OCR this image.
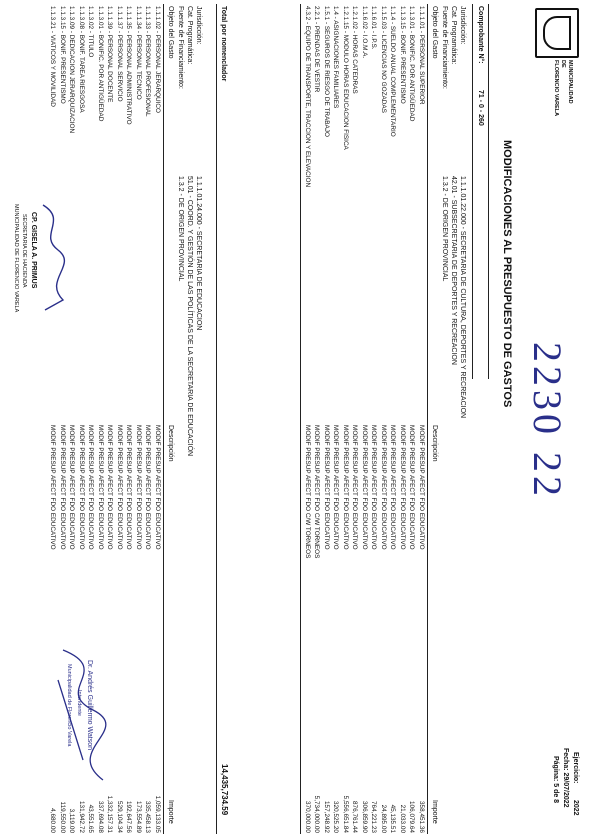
MUNICIPALIDAD
DE
FLORENCIO VARELA
Ejercicio:
2022
Fecha: 29/07/2022
Página: 5 de 8
MODIFICACIONES AL PRESUPUESTO DE GASTOS
2230 22
Comprobante N°:
71 - 0 - 260
Jurisdicción:
1.1.1.01.22.000 - SECRETARIA DE CULTURA, DEPORTES Y RECREACION
Cat. Programática:
42.01 - SUBSECRETARIA DE DEPORTES Y RECREACION
Fuente de Financiamiento:
1.3.2 - DE ORIGEN PROVINCIAL
Objeto del Gasto
Descripción
Importe
1.1.1.01 - PERSONAL SUPERIOR
MODIF PRESUP AFECT FDO EDUCATIVO
358,451.36
1.1.3.01 - BONIFIC. POR ANTIGÜEDAD
MODIF PRESUP AFECT FDO EDUCATIVO
106,079.64
1.1.3.15 - BONIF. PRESENTISMO
MODIF PRESUP AFECT FDO EDUCATIVO
21,033.00
1.1.4 - SUELDO ANUAL COMPLEMENTARIO
MODIF PRESUP AFECT FDO EDUCATIVO
45,135.51
1.1.5.03 - LICENCIAS NO GOZADAS
MODIF PRESUP AFECT FDO EDUCATIVO
24,895.00
1.1.6.01 - I.P.S.
MODIF PRESUP AFECT FDO EDUCATIVO
764,221.23
1.1.6.02 - I.O.M.A.
MODIF PRESUP AFECT FDO EDUCATIVO
306,859.90
1.2.1.02 - HORAS CATEDRAS
MODIF PRESUP AFECT FDO EDUCATIVO
876,761.44
1.2.1.15 - MODULO HORAS EDUCACION FISICA
MODIF PRESUP AFECT FDO EDUCATIVO
5,556,651.84
1.4 - ASIGNACIONES FAMILIARES
MODIF PRESUP AFECT FDO EDUCATIVO
320,525.20
1.5.1 - SEGUROS DE RIESGO DE TRABAJO
MODIF PRESUP AFECT FDO EDUCATIVO
157,248.92
2.2.1 - PRENDAS DE VESTIR
MODIF PRESUP AFECT FDO C/W TORNEOS
5,734,000.00
4.3.2 - EQUIPO DE TRANSPORTE, TRACCION Y ELEVACION
MODIF PRESUP AFECT FDO C/W TORNEOS
370,000.00
Total por nomenclador
14,435,734.59
Jurisdicción:
1.1.1.01.24.000 - SECRETARIA DE EDUCACION
Cat. Programática:
51.01 - COORD. Y GESTIÓN DE LAS POLÍTICAS DE LA SECRETARIA DE EDUCACIÓN
Fuente de Financiamiento:
1.3.2 - DE ORIGEN PROVINCIAL
Objeto del Gasto
Descripción
Importe
1.1.1.02 - PERSONAL JERARQUICO
MODIF PRESUP AFECT FDO EDUCATIVO
1,059,133.05
1.1.1.33 - PERSONAL PROFESIONAL
MODIF PRESUP AFECT FDO EDUCATIVO
335,458.13
1.1.1.34 - PERSONAL TECNICO
MODIF PRESUP AFECT FDO EDUCATIVO
173,554.89
1.1.1.35 - PERSONAL ADMINISTRATIVO
MODIF PRESUP AFECT FDO EDUCATIVO
192,647.56
1.1.1.37 - PERSONAL SERVICIO
MODIF PRESUP AFECT FDO EDUCATIVO
529,104.34
1.1.1.39 - PERSONAL DOCENTE
MODIF PRESUP AFECT FDO EDUCATIVO
1,332,157.31
1.1.3.01 - BONIFIC. POR ANTIGÜEDAD
MODIF PRESUP AFECT FDO EDUCATIVO
337,694.08
1.1.3.02 - TITULO
MODIF PRESUP AFECT FDO EDUCATIVO
43,551.65
1.1.3.08 - BONIF. TAREA RIESGOSA
MODIF PRESUP AFECT FDO EDUCATIVO
131,942.72
1.1.3.09 - DEDICACION JERARQUIZACION
MODIF PRESUP AFECT FDO EDUCATIVO
3,119.00
1.1.3.15 - BONIF. PRESENTISMO
MODIF PRESUP AFECT FDO EDUCATIVO
119,550.00
1.1.3.21 - VIATICOS Y MOVILIDAD
MODIF PRESUP AFECT FDO EDUCATIVO
4,680.00
CP. GISELA A. PRIMUS
SECRETARIA DE HACIENDA
MUNICIPALIDAD DE FLORENCIO VARELA
Dr. Andrés Guillermo Watson
Intendente
Municipalidad de Florencio Varela
